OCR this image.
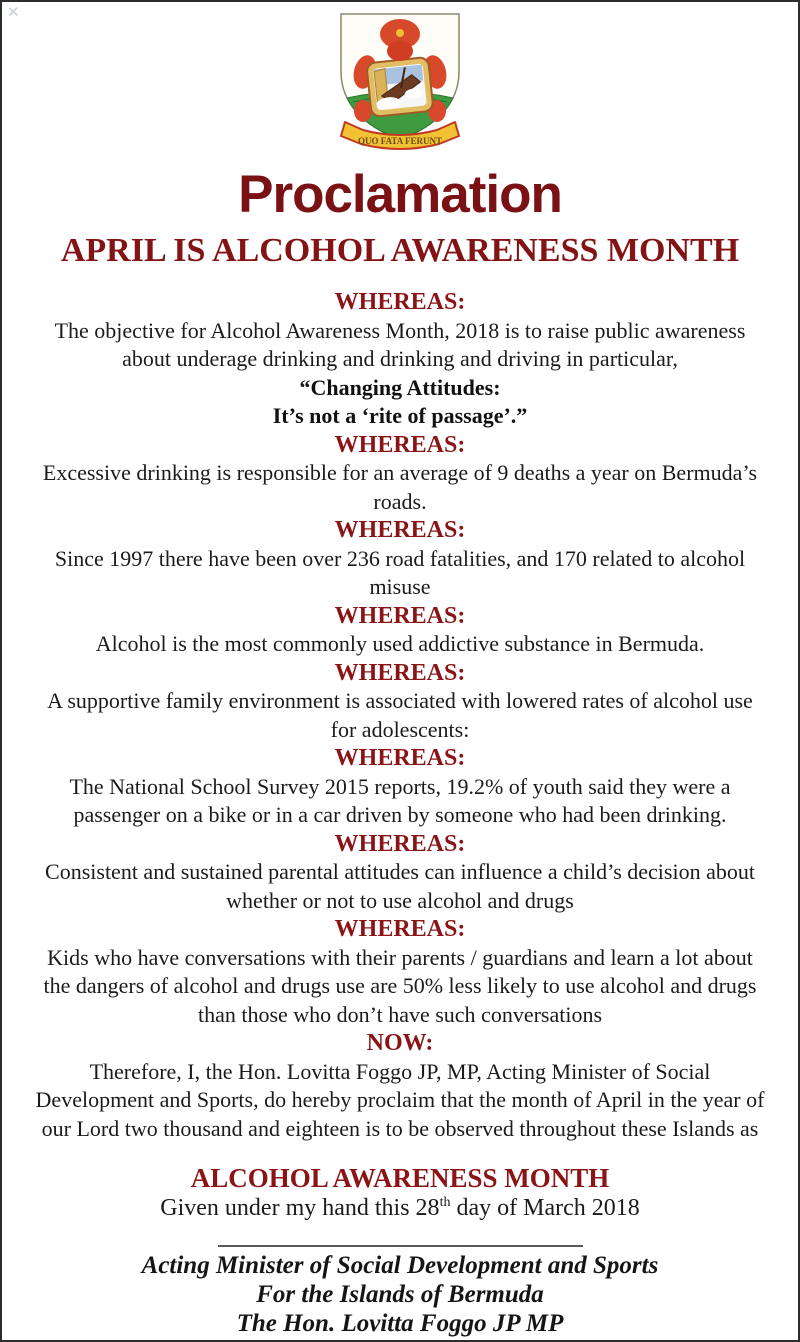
✕
QUO FATA FERUNT
Proclamation
APRIL IS ALCOHOL AWARENESS MONTH
WHEREAS:
The objective for Alcohol Awareness Month, 2018 is to raise public awareness
about underage drinking and drinking and driving in particular,
“Changing Attitudes:
It’s not a ‘rite of passage’.”
WHEREAS:
Excessive drinking is responsible for an average of 9 deaths a year on Bermuda’s
roads.
WHEREAS:
Since 1997 there have been over 236 road fatalities, and 170 related to alcohol
misuse
WHEREAS:
Alcohol is the most commonly used addictive substance in Bermuda.
WHEREAS:
A supportive family environment is associated with lowered rates of alcohol use
for adolescents:
WHEREAS:
The National School Survey 2015 reports, 19.2% of youth said they were a
passenger on a bike or in a car driven by someone who had been drinking.
WHEREAS:
Consistent and sustained parental attitudes can influence a child’s decision about
whether or not to use alcohol and drugs
WHEREAS:
Kids who have conversations with their parents / guardians and learn a lot about
the dangers of alcohol and drugs use are 50% less likely to use alcohol and drugs
than those who don’t have such conversations
NOW:
Therefore, I, the Hon. Lovitta Foggo JP, MP, Acting Minister of Social
Development and Sports, do hereby proclaim that the month of April in the year of
our Lord two thousand and eighteen is to be observed throughout these Islands as
ALCOHOL AWARENESS MONTH
Given under my hand this 28th day of March 2018
Acting Minister of Social Development and Sports
For the Islands of Bermuda
The Hon. Lovitta Foggo JP MP
